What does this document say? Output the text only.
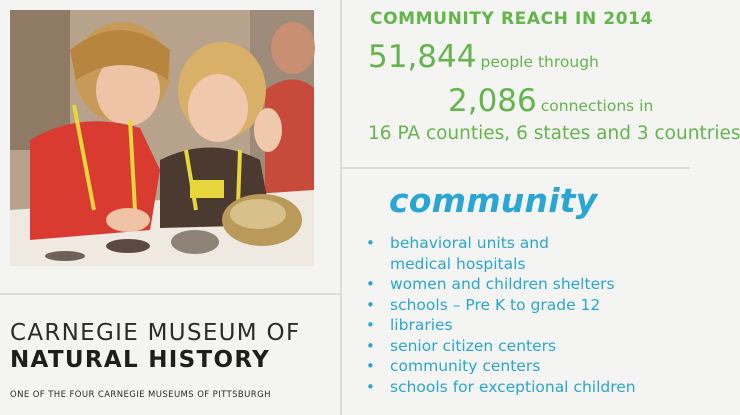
COMMUNITY REACH IN 2014
51,844 people through
2,086 connections in
16 PA counties, 6 states and 3 countries
community
• behavioral units and
medical hospitals
• women and children shelters
• schools – Pre K to grade 12
• libraries
• senior citizen centers
• community centers
• schools for exceptional children
CARNEGIE MUSEUM OF
NATURAL HISTORY
ONE OF THE FOUR CARNEGIE MUSEUMS OF PITTSBURGH
